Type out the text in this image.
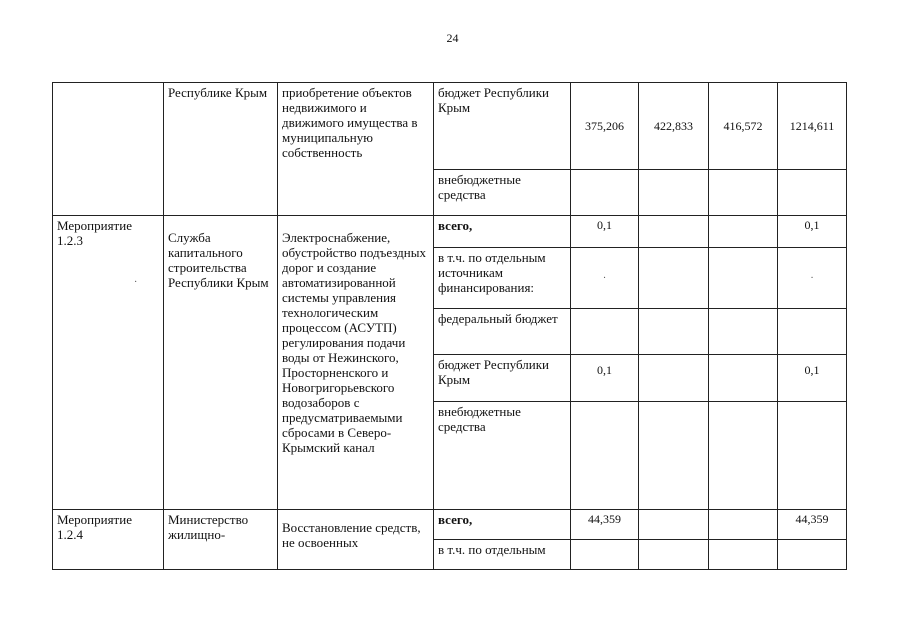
24
	Республике Крым	приобретение объектов недвижимого и движимого имущества в муниципальную собственность	бюджет Республики Крым	375,206	422,833	416,572	1214,611
			внебюджетные средства				
Мероприятие 1.2.3	Служба капитального строительства Республики Крым	Электроснабжение, обустройство подъездных дорог и создание автоматизированной системы управления технологическим процессом (АСУТП) регулирования подачи воды от Нежинского, Просторненского и Новогригорьевского водозаборов с предусматриваемыми сбросами в Северо-Крымский канал	всего,	0,1			0,1
			в т.ч. по отдельным источникам финансирования:	·			·
			федеральный бюджет				
			бюджет Республики Крым	0,1			0,1
			внебюджетные средства				
Мероприятие 1.2.4	Министерство жилищно-	Восстановление средств, не освоенных	всего,	44,359			44,359
			в т.ч. по отдельным				
·
